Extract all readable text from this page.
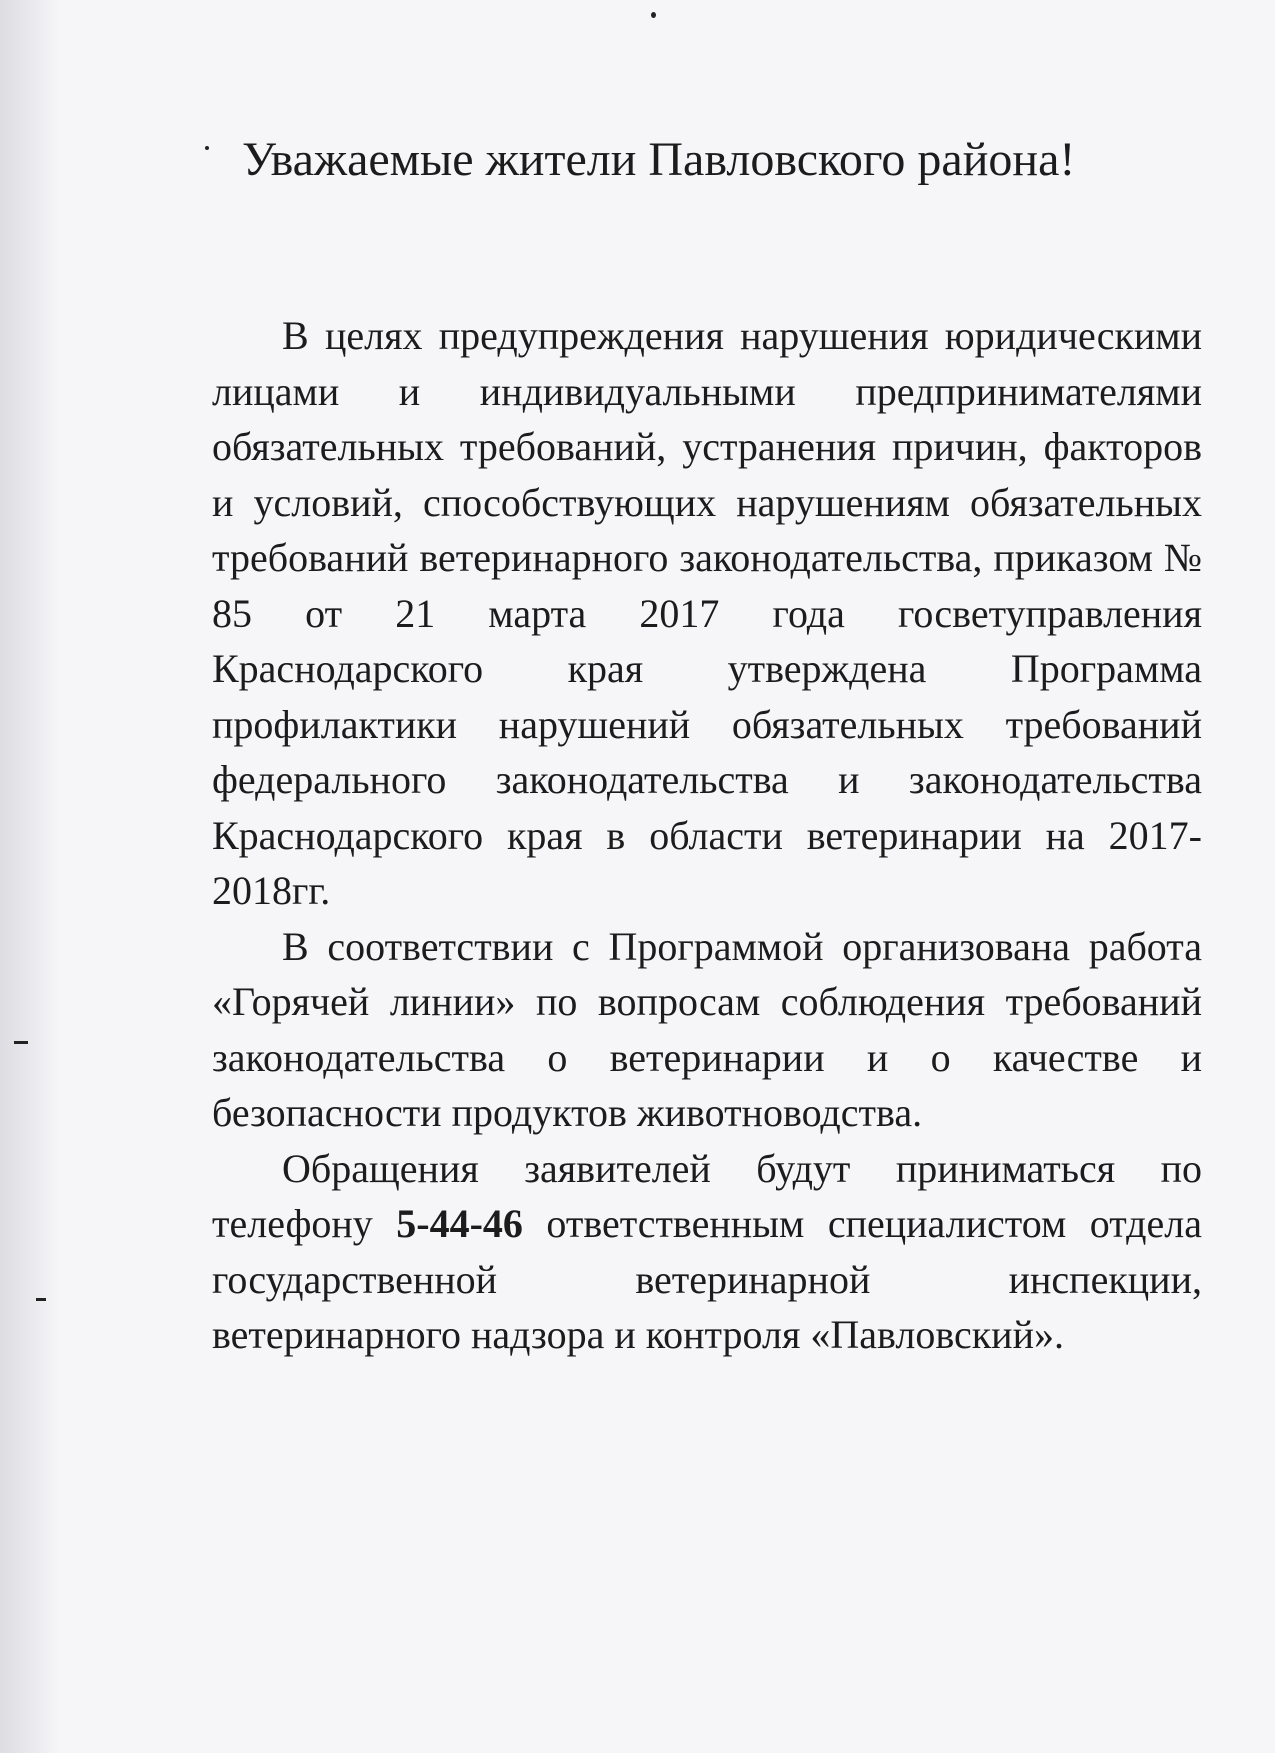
Уважаемые жители Павловского района!

В целях предупреждения нарушения юридическими лицами и индивидуальными предпринимателями обязательных требований, устранения причин, факторов и условий, способствующих нарушениям обязательных требований ветеринарного законодательства, приказом № 85 от 21 марта 2017 года госветуправления Краснодарского края утверждена Программа профилактики нарушений обязательных требований федерального законодательства и законодательства Краснодарского края в области ветеринарии на 2017-2018гг.

В соответствии с Программой организована работа «Горячей линии» по вопросам соблюдения требований законодательства о ветеринарии и о качестве и безопасности продуктов животноводства.

Обращения заявителей будут приниматься по телефону 5-44-46 ответственным специалистом отдела государственной ветеринарной инспекции, ветеринарного надзора и контроля «Павловский».
